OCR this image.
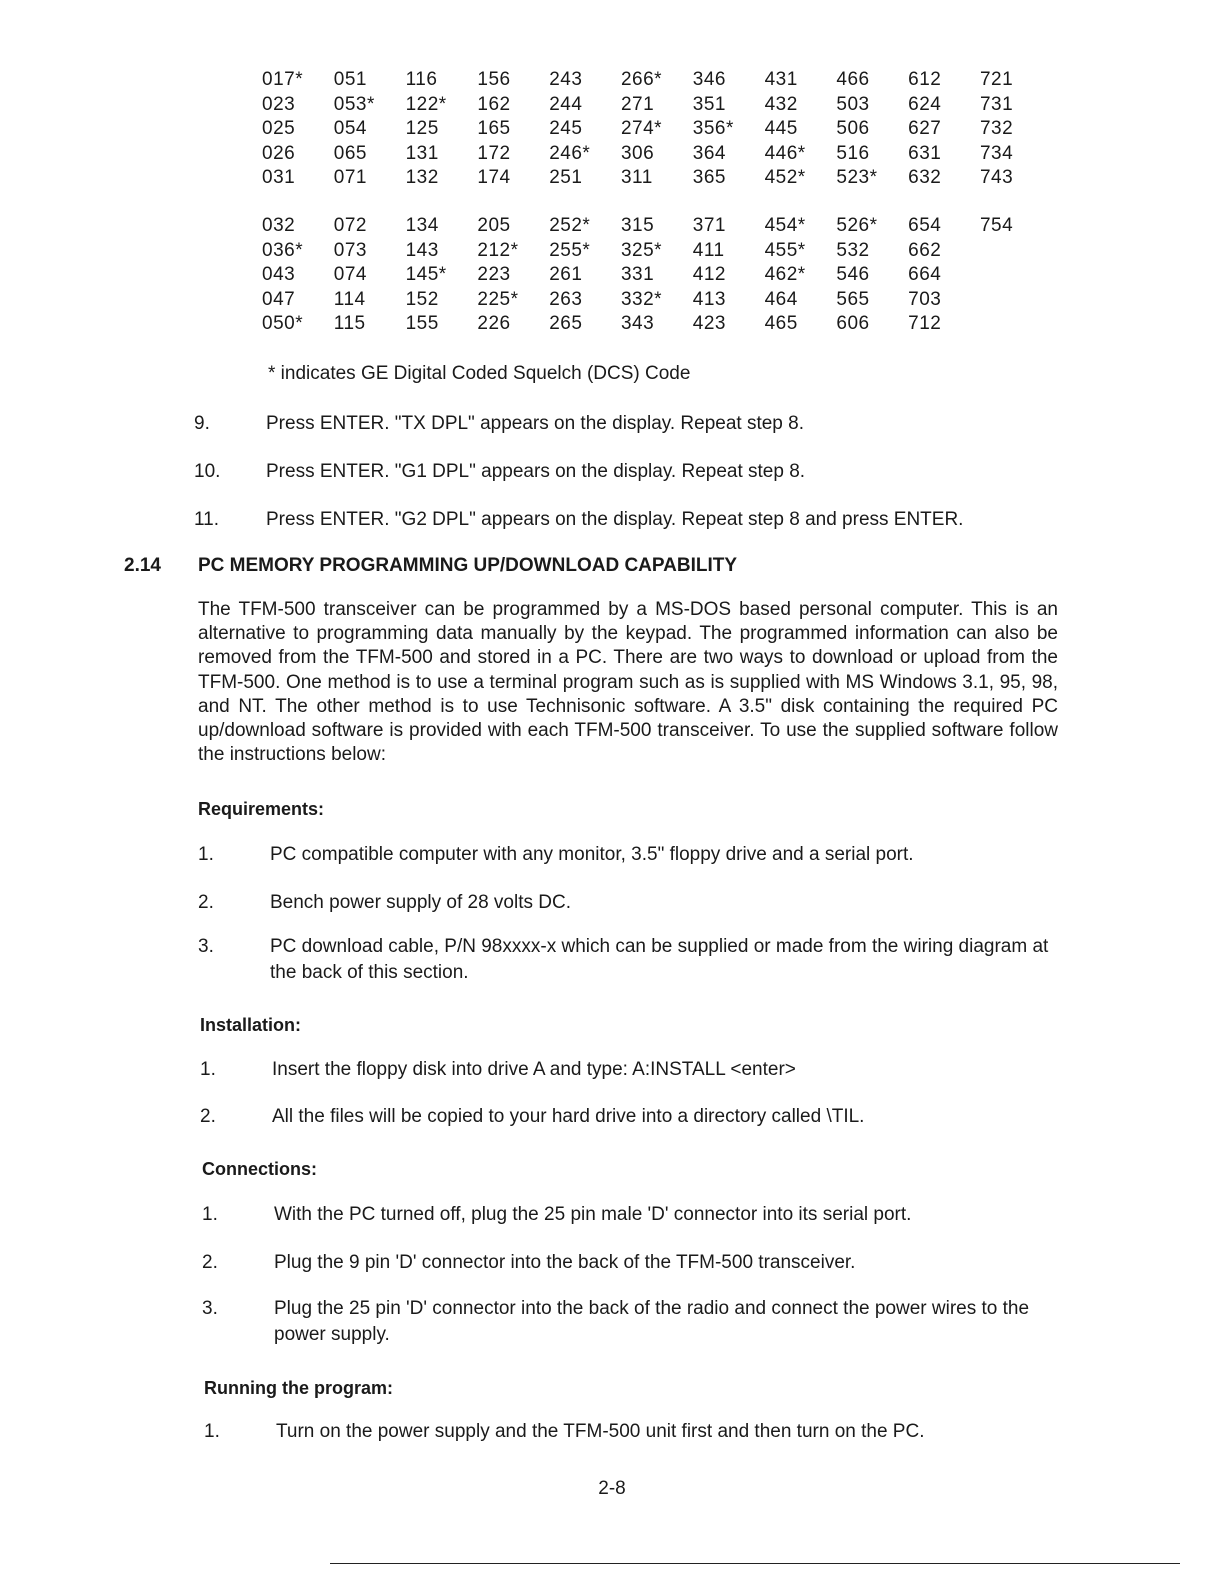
017*	051	116	156	243	266*	346	431	466	612	721
023	053*	122*	162	244	271	351	432	503	624	731
025	054	125	165	245	274*	356*	445	506	627	732
026	065	131	172	246*	306	364	446*	516	631	734
031	071	132	174	251	311	365	452*	523*	632	743
032	072	134	205	252*	315	371	454*	526*	654	754
036*	073	143	212*	255*	325*	411	455*	532	662
043	074	145*	223	261	331	412	462*	546	664
047	114	152	225*	263	332*	413	464	565	703
050*	115	155	226	265	343	423	465	606	712
* indicates GE Digital Coded Squelch (DCS) Code
9.	Press ENTER. "TX DPL" appears on the display. Repeat step 8.
10.	Press ENTER. "G1 DPL" appears on the display. Repeat step 8.
11.	Press ENTER. "G2 DPL" appears on the display. Repeat step 8 and press ENTER.
2.14	PC MEMORY PROGRAMMING UP/DOWNLOAD CAPABILITY
The TFM-500 transceiver can be programmed by a MS-DOS based personal computer. This is an alternative to programming data manually by the keypad. The programmed information can also be removed from the TFM-500 and stored in a PC. There are two ways to download or upload from the TFM-500. One method is to use a terminal program such as is supplied with MS Windows 3.1, 95, 98, and NT. The other method is to use Technisonic software. A 3.5" disk containing the required PC up/download software is provided with each TFM-500 transceiver. To use the supplied software follow the instructions below:
Requirements:
1.	PC compatible computer with any monitor, 3.5" floppy drive and a serial port.
2.	Bench power supply of 28 volts DC.
3.	PC download cable, P/N 98xxxx-x which can be supplied or made from the wiring diagram at the back of this section.
Installation:
1.	Insert the floppy disk into drive A and type: A:INSTALL <enter>
2.	All the files will be copied to your hard drive into a directory called \TIL.
Connections:
1.	With the PC turned off, plug the 25 pin male 'D' connector into its serial port.
2.	Plug the 9 pin 'D' connector into the back of the TFM-500 transceiver.
3.	Plug the 25 pin 'D' connector into the back of the radio and connect the power wires to the power supply.
Running the program:
1.	Turn on the power supply and the TFM-500 unit first and then turn on the PC.
2-8
